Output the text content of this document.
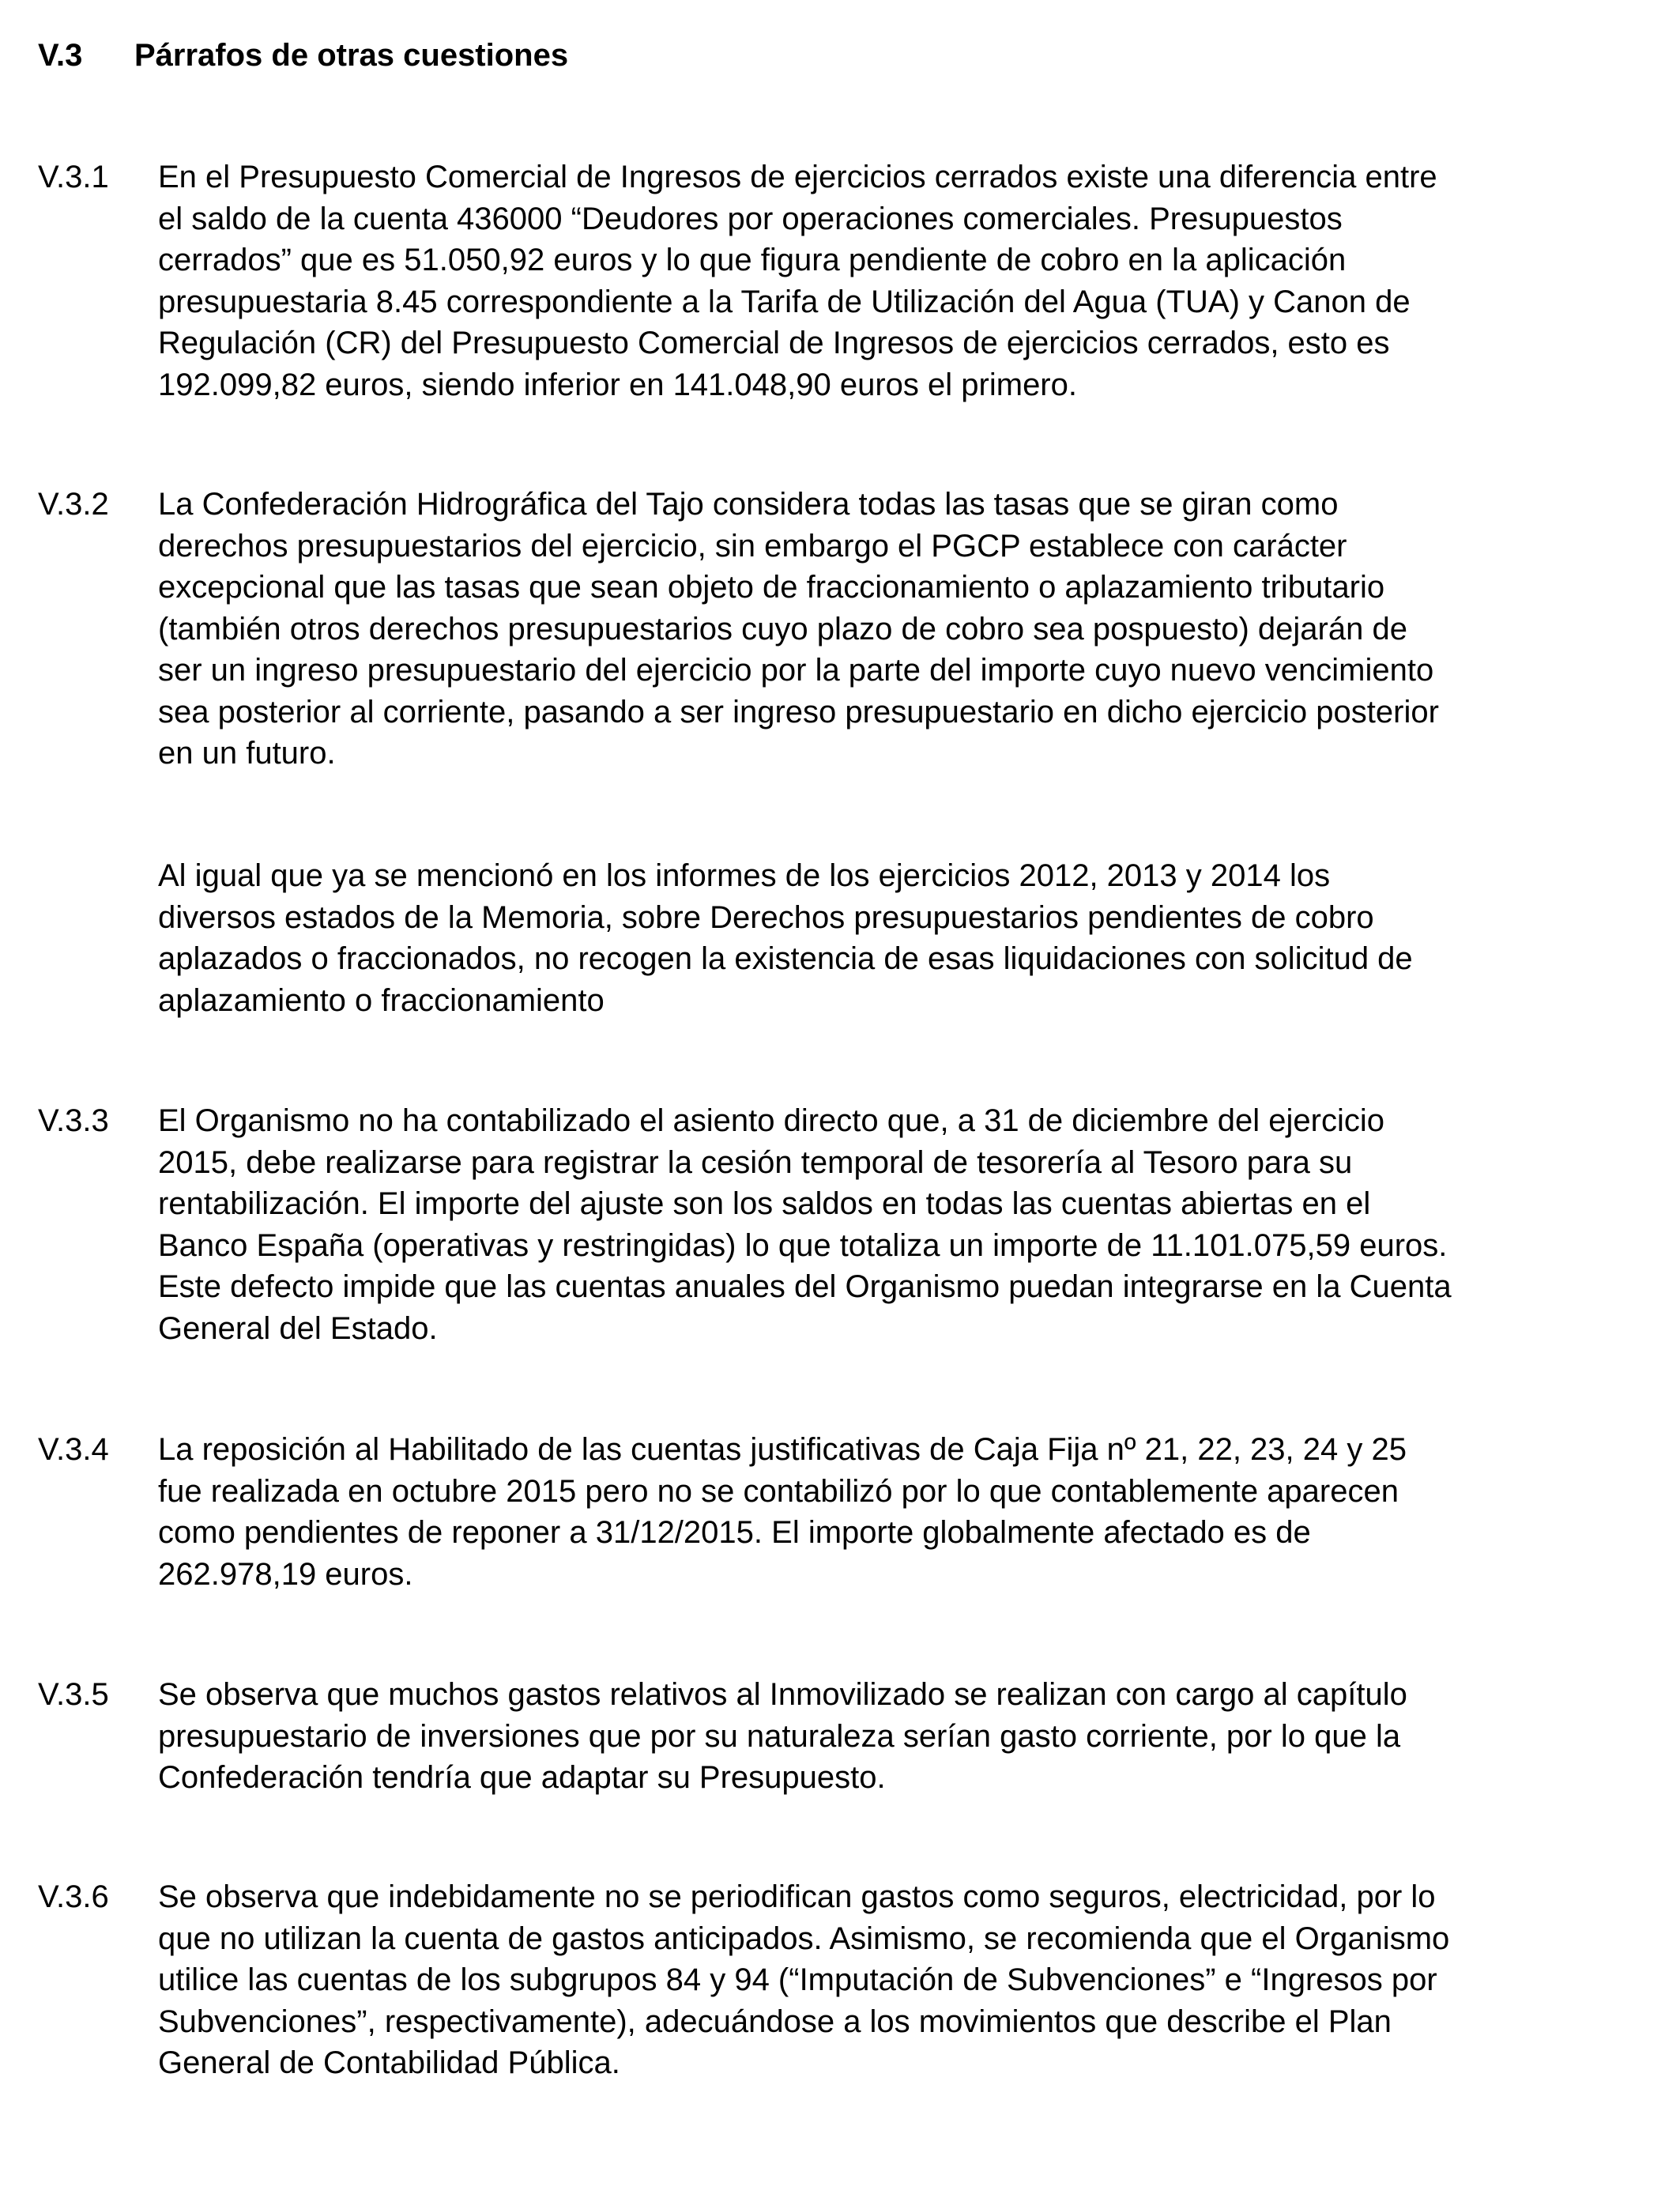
V.3 Párrafos de otras cuestiones
V.3.1 En el Presupuesto Comercial de Ingresos de ejercicios cerrados existe una diferencia entre
el saldo de la cuenta 436000 “Deudores por operaciones comerciales. Presupuestos
cerrados” que es 51.050,92 euros y lo que figura pendiente de cobro en la aplicación
presupuestaria 8.45 correspondiente a la Tarifa de Utilización del Agua (TUA) y Canon de
Regulación (CR) del Presupuesto Comercial de Ingresos de ejercicios cerrados, esto es
192.099,82 euros, siendo inferior en 141.048,90 euros el primero.
V.3.2 La Confederación Hidrográfica del Tajo considera todas las tasas que se giran como
derechos presupuestarios del ejercicio, sin embargo el PGCP establece con carácter
excepcional que las tasas que sean objeto de fraccionamiento o aplazamiento tributario
(también otros derechos presupuestarios cuyo plazo de cobro sea pospuesto) dejarán de
ser un ingreso presupuestario del ejercicio por la parte del importe cuyo nuevo vencimiento
sea posterior al corriente, pasando a ser ingreso presupuestario en dicho ejercicio posterior
en un futuro.
Al igual que ya se mencionó en los informes de los ejercicios 2012, 2013 y 2014 los
diversos estados de la Memoria, sobre Derechos presupuestarios pendientes de cobro
aplazados o fraccionados, no recogen la existencia de esas liquidaciones con solicitud de
aplazamiento o fraccionamiento
V.3.3 El Organismo no ha contabilizado el asiento directo que, a 31 de diciembre del ejercicio
2015, debe realizarse para registrar la cesión temporal de tesorería al Tesoro para su
rentabilización. El importe del ajuste son los saldos en todas las cuentas abiertas en el
Banco España (operativas y restringidas) lo que totaliza un importe de 11.101.075,59 euros.
Este defecto impide que las cuentas anuales del Organismo puedan integrarse en la Cuenta
General del Estado.
V.3.4 La reposición al Habilitado de las cuentas justificativas de Caja Fija nº 21, 22, 23, 24 y 25
fue realizada en octubre 2015 pero no se contabilizó por lo que contablemente aparecen
como pendientes de reponer a 31/12/2015. El importe globalmente afectado es de
262.978,19 euros.
V.3.5 Se observa que muchos gastos relativos al Inmovilizado se realizan con cargo al capítulo
presupuestario de inversiones que por su naturaleza serían gasto corriente, por lo que la
Confederación tendría que adaptar su Presupuesto.
V.3.6 Se observa que indebidamente no se periodifican gastos como seguros, electricidad, por lo
que no utilizan la cuenta de gastos anticipados. Asimismo, se recomienda que el Organismo
utilice las cuentas de los subgrupos 84 y 94 (“Imputación de Subvenciones” e “Ingresos por
Subvenciones”, respectivamente), adecuándose a los movimientos que describe el Plan
General de Contabilidad Pública.
